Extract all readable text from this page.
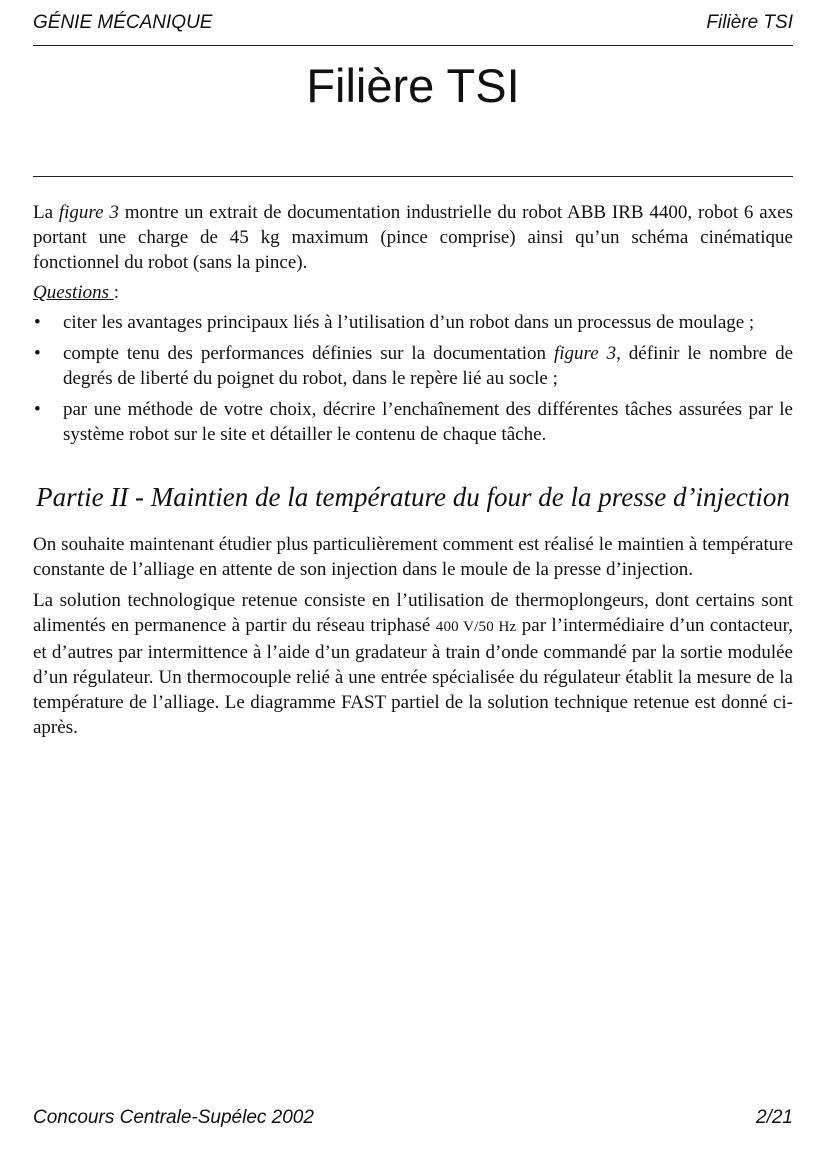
GÉNIE MÉCANIQUE	Filière TSI
Filière TSI

La figure 3 montre un extrait de documentation industrielle du robot ABB IRB 4400, robot 6 axes portant une charge de 45 kg maximum (pince comprise) ainsi qu’un schéma cinématique fonctionnel du robot (sans la pince).

Questions :

• citer les avantages principaux liés à l’utilisation d’un robot dans un processus de moulage ;
• compte tenu des performances définies sur la documentation figure 3, définir le nombre de degrés de liberté du poignet du robot, dans le repère lié au socle ;
• par une méthode de votre choix, décrire l’enchaînement des différentes tâches assurées par le système robot sur le site et détailler le contenu de chaque tâche.
Partie II - Maintien de la température du four de la presse d’injection

On souhaite maintenant étudier plus particulièrement comment est réalisé le maintien à température constante de l’alliage en attente de son injection dans le moule de la presse d’injection.

La solution technologique retenue consiste en l’utilisation de thermoplongeurs, dont certains sont alimentés en permanence à partir du réseau triphasé 400 V/50 Hz par l’intermédiaire d’un contacteur, et d’autres par intermittence à l’aide d’un gradateur à train d’onde commandé par la sortie modulée d’un régulateur. Un thermocouple relié à une entrée spécialisée du régulateur établit la mesure de la température de l’alliage. Le diagramme FAST partiel de la solution technique retenue est donné ci-après.

Concours Centrale-Supélec 2002	2/21
